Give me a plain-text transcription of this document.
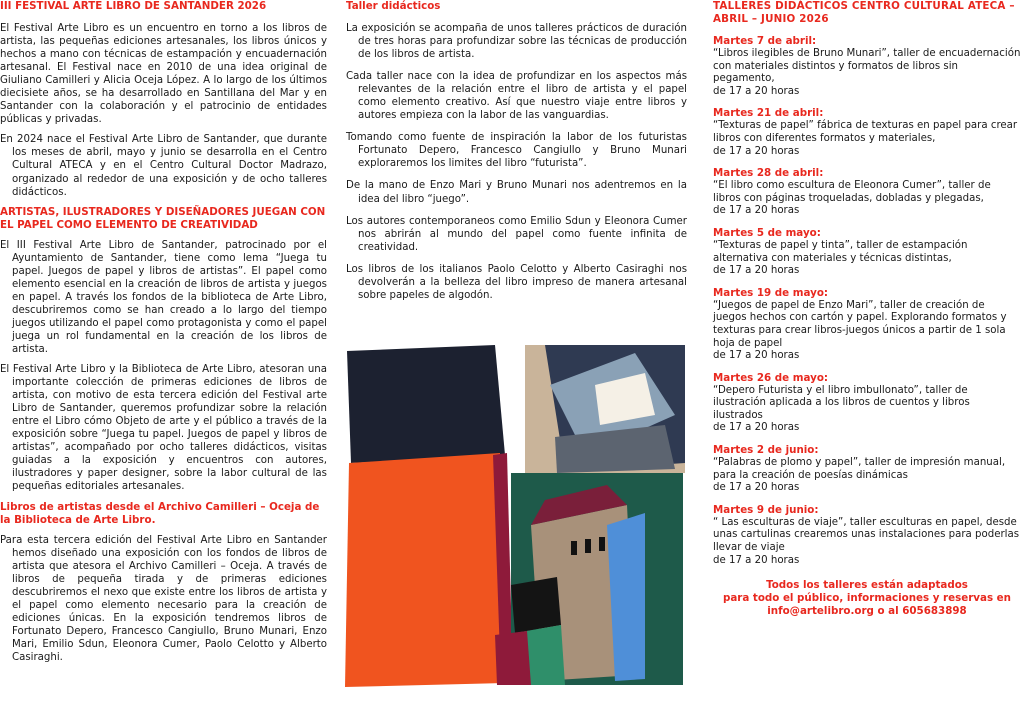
III FESTIVAL ARTE LIBRO DE SANTANDER 2026

El Festival Arte Libro es un encuentro en torno a los libros de artista, las pequeñas ediciones artesanales, los libros únicos y hechos a mano con técnicas de estampación y encuadernación artesanal. El Festival nace en 2010 de una idea original de Giuliano Camilleri y Alicia Oceja López. A lo largo de los últimos diecisiete años, se ha desarrollado en Santillana del Mar y en Santander con la colaboración y el patrocinio de entidades públicas y privadas.

En 2024 nace el Festival Arte Libro de Santander, que durante los meses de abril, mayo y junio se desarrolla en el Centro Cultural ATECA y en el Centro Cultural Doctor Madrazo, organizado al rededor de una exposición y de ocho talleres didácticos.

ARTISTAS, ILUSTRADORES Y DISEÑADORES JUEGAN CON EL PAPEL COMO ELEMENTO DE CREATIVIDAD

El III Festival Arte Libro de Santander, patrocinado por el Ayuntamiento de Santander, tiene como lema “Juega tu papel. Juegos de papel y libros de artistas”. El papel como elemento esencial en la creación de libros de artista y juegos en papel. A través los fondos de la biblioteca de Arte Libro, descubriremos como se han creado a lo largo del tiempo juegos utilizando el papel como protagonista y como el papel juega un rol fundamental en la creación de los libros de artista.

El Festival Arte Libro y la Biblioteca de Arte Libro, atesoran una importante colección de primeras ediciones de libros de artista, con motivo de esta tercera edición del Festival arte Libro de Santander, queremos profundizar sobre la relación entre el Libro cómo Objeto de arte y el público a través de la exposición sobre “Juega tu papel. Juegos de papel y libros de artistas”, acompañado por ocho talleres didácticos, visitas guiadas a la exposición y encuentros con autores, ilustradores y paper designer, sobre la labor cultural de las pequeñas editoriales artesanales.

Libros de artistas desde el Archivo Camilleri – Oceja de la Biblioteca de Arte Libro.

Para esta tercera edición del Festival Arte Libro en Santander hemos diseñado una exposición con los fondos de libros de artista que atesora el Archivo Camilleri – Oceja. A través de libros de pequeña tirada y de primeras ediciones descubriremos el nexo que existe entre los libros de artista y el papel como elemento necesario para la creación de ediciones únicas. En la exposición tendremos libros de Fortunato Depero, Francesco Cangiullo, Bruno Munari, Enzo Mari, Emilio Sdun, Eleonora Cumer, Paolo Celotto y Alberto Casiraghi.

Taller didácticos

La exposición se acompaña de unos talleres prácticos de duración de tres horas para profundizar sobre las técnicas de producción de los libros de artista.

Cada taller nace con la idea de profundizar en los aspectos más relevantes de la relación entre el libro de artista y el papel como elemento creativo. Así que nuestro viaje entre libros y autores empieza con la labor de las vanguardias.

Tomando como fuente de inspiración la labor de los futuristas Fortunato Depero, Francesco Cangiullo y Bruno Munari exploraremos los limites del libro “futurista”.

De la mano de Enzo Mari y Bruno Munari nos adentremos en la idea del libro “juego”.

Los autores contemporaneos como Emilio Sdun y Eleonora Cumer nos abrirán al mundo del papel como fuente infinita de creatividad.

Los libros de los italianos Paolo Celotto y Alberto Casiraghi nos devolverán a la belleza del libro impreso de manera artesanal sobre papeles de algodón.

TALLERES DIDÁCTICOS CENTRO CULTURAL ATECA – ABRIL – JUNIO 2026
Martes 7 de abril:

“Libros ilegibles de Bruno Munari”, taller de encuadernación con materiales distintos y formatos de libros sin pegamento,

de 17 a 20 horas

Martes 21 de abril:

“Texturas de papel” fábrica de texturas en papel para crear libros con diferentes formatos y materiales,

de 17 a 20 horas

Martes 28 de abril:

“El libro como escultura de Eleonora Cumer”, taller de libros con páginas troqueladas, dobladas y plegadas,

de 17 a 20 horas

Martes 5 de mayo:

“Texturas de papel y tinta”, taller de estampación alternativa con materiales y técnicas distintas,

de 17 a 20 horas

Martes 19 de mayo:

“Juegos de papel de Enzo Mari”, taller de creación de juegos hechos con cartón y papel. Explorando formatos y texturas para crear libros-juegos únicos a partir de 1 sola hoja de papel

de 17 a 20 horas

Martes 26 de mayo:

“Depero Futurista y el libro imbullonato”, taller de ilustración aplicada a los libros de cuentos y libros ilustrados

de 17 a 20 horas

Martes 2 de junio:

“Palabras de plomo y papel”, taller de impresión manual, para la creación de poesías dinámicas

de 17 a 20 horas

Martes 9 de junio:

“ Las esculturas de viaje”, taller esculturas en papel, desde unas cartulinas crearemos unas instalaciones para poderlas llevar de viaje

de 17 a 20 horas

Todos los talleres están adaptados
para todo el público, informaciones y reservas en
info@artelibro.org o al 605683898
